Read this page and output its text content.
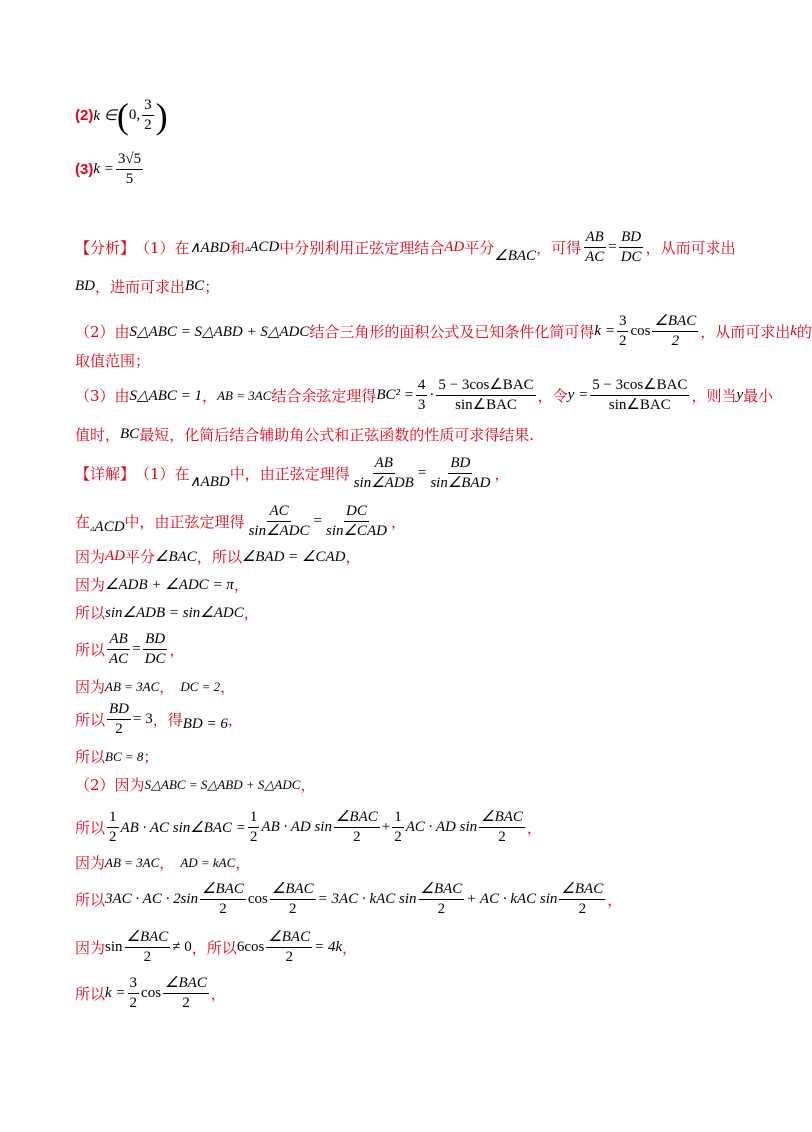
(2) k ∈ ( 0,
3
2 )
(3) $k = \frac{3√5}{5}$
【分析】 （1）在 ∧ABD 和 ▵ACD 中分别利用正弦定理结合 AD 平分 ∠BAC ，可得 $\frac{AB}{AC} = \frac{BD}{DC}$ ，从而可求出
BD ，进而可求出 BC ；
（2）由 S△ABC = S△ABD + S△ADC 结合三角形的面积公式及已知条件化简可得 $k = \frac{3}{2}$ cos
∠BAC
2 ，从而可求出 k 的
取值范围；
（3）由 S△ABC = 1 ， AB = 3AC 结合余弦定理得 $BC^2 = \frac{4}{3}$ ·
5 − 3cos∠BAC
sin∠BAC ，令 y =
5 − 3cos∠BAC
sin∠BAC ，则当 y 最小
值时， BC 最短，化简后结合辅助角公式和正弦函数的性质可求得结果.
【详解】 （1）在 ∧ABD 中，由正弦定理得
AB
sin∠ADB
=
BD
sin∠BAD ，
在 ▵ACD 中，由正弦定理得
AC
sin∠ADC
=
DC
sin∠CAD ，
因为 AD 平分 ∠BAC ，所以 ∠BAD = ∠CAD ，
因为 ∠ADB + ∠ADC = π ，
所以 sin∠ADB = sin∠ADC ，
所以 $\frac{AB}{AC} = \frac{BD}{DC}$ ，
因为 AB = 3AC ， DC = 2 ，
所以 $\frac{BD}{2} = 3$ ，得 BD = 6 ，
所以 BC = 8 ；
（2）因为 S△ABC = S△ABD + S△ADC ，
所以
1
2
AB · AC sin∠BAC = $\frac{1}{2}$ AB · AD sin
∠BAC
2
+ $\frac{1}{2}$ AC · AD sin
∠BAC
2 ，
因为 AB = 3AC ， AD = kAC ，
所以 3AC · AC · 2sin
∠BAC
2
cos
∠BAC
2
= 3AC · kAC sin
∠BAC
2
+ AC · kAC sin
∠BAC
2 ，
因为 sin
∠BAC
2
≠ 0 ，所以 6cos
∠BAC
2
= 4k ，
所以 $k = \frac{3}{2}$ cos
∠BAC
2 ，
